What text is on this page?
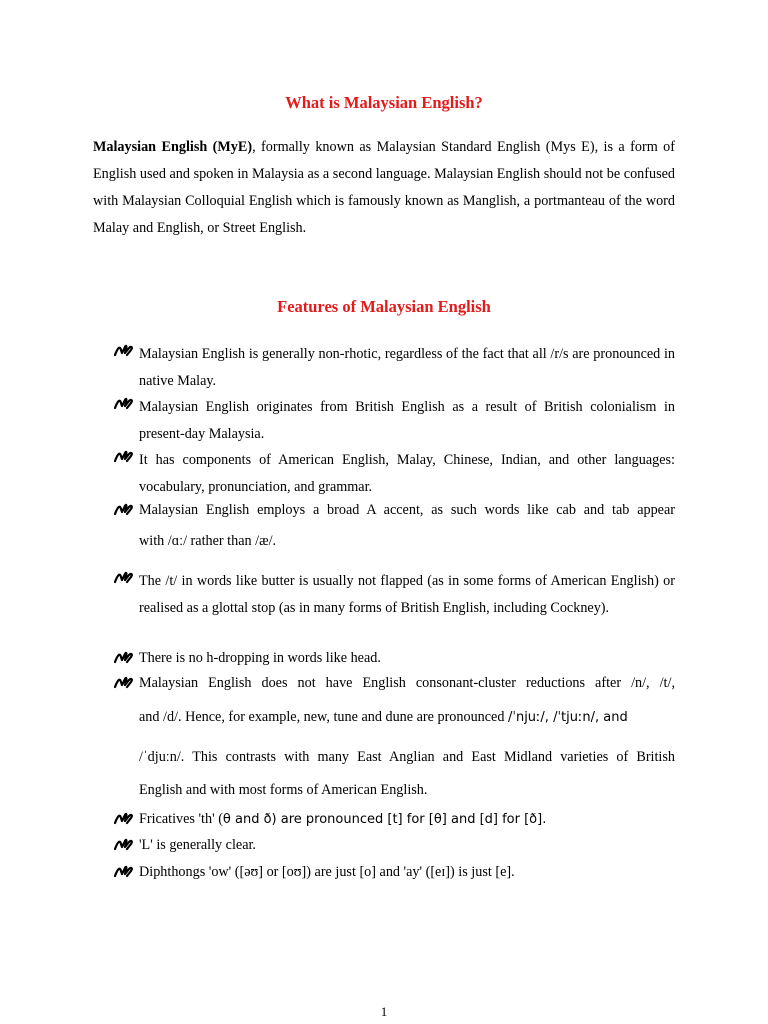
What is Malaysian English?
Malaysian English (MyE), formally known as Malaysian Standard English (Mys E), is a form of English used and spoken in Malaysia as a second language. Malaysian English should not be confused with Malaysian Colloquial English which is famously known as Manglish, a portmanteau of the word Malay and English, or Street English.
Features of Malaysian English
Malaysian English is generally non-rhotic, regardless of the fact that all /r/s are pronounced in native Malay.
Malaysian English originates from British English as a result of British colonialism in present-day Malaysia.
It has components of American English, Malay, Chinese, Indian, and other languages: vocabulary, pronunciation, and grammar.
Malaysian English employs a broad A accent, as such words like cab and tab appear
with /ɑː/ rather than /æ/.
The /t/ in words like butter is usually not flapped (as in some forms of American English) or realised as a glottal stop (as in many forms of British English, including Cockney).
There is no h-dropping in words like head.
Malaysian English does not have English consonant-cluster reductions after /n/, /t/,
and /d/. Hence, for example, new, tune and dune are pronounced /ˈnjuː/, /ˈtjuːn/, and
/ˈdjuːn/. This contrasts with many East Anglian and East Midland varieties of British
English and with most forms of American English.
Fricatives 'th' (θ and ð) are pronounced [t] for [θ] and [d] for [ð].
'L' is generally clear.
Diphthongs 'ow' ([əʊ] or [oʊ]) are just [o] and 'ay' ([eɪ]) is just [e].
1
